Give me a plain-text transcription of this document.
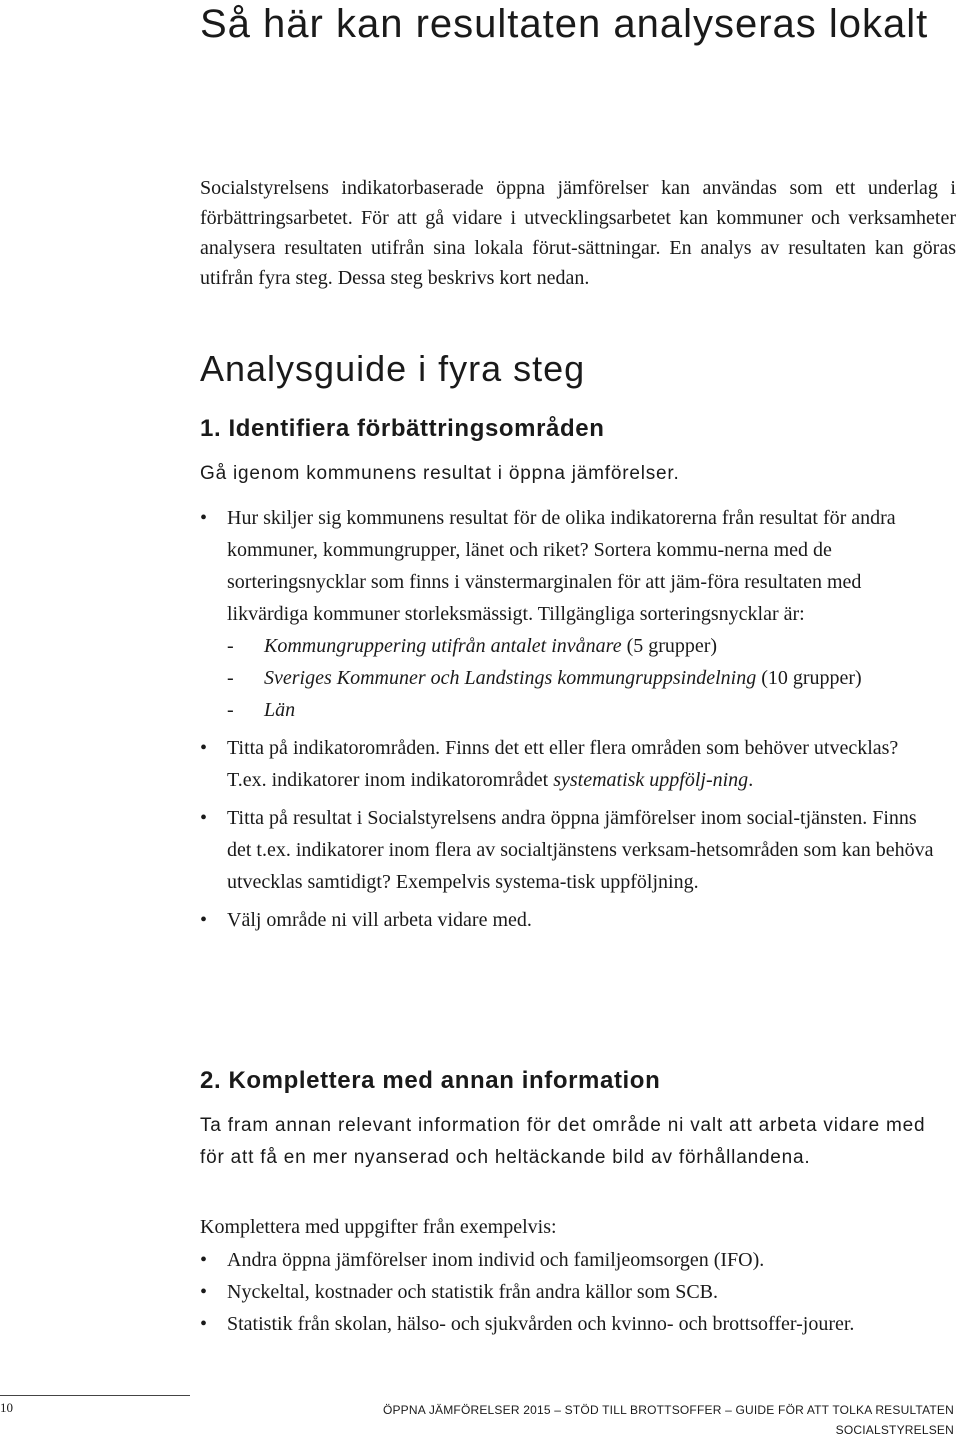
Så här kan resultaten analyseras lokalt

Socialstyrelsens indikatorbaserade öppna jämförelser kan användas som ett underlag i förbättringsarbetet. För att gå vidare i utvecklingsarbetet kan kommuner och verksamheter analysera resultaten utifrån sina lokala förut-sättningar. En analys av resultaten kan göras utifrån fyra steg. Dessa steg beskrivs kort nedan.

Analysguide i fyra steg
1. Identifiera förbättringsområden

Gå igenom kommunens resultat i öppna jämförelser.

• Hur skiljer sig kommunens resultat för de olika indikatorerna från resultat för andra kommuner, kommungrupper, länet och riket? Sortera kommu-nerna med de sorteringsnycklar som finns i vänstermarginalen för att jäm-föra resultaten med likvärdiga kommuner storleksmässigt. Tillgängliga sorteringsnycklar är:
- Kommungruppering utifrån antalet invånare (5 grupper)
- Sveriges Kommuner och Landstings kommungruppsindelning (10 grupper)
- Län
• Titta på indikatorområden. Finns det ett eller flera områden som behöver utvecklas? T.ex. indikatorer inom indikatorområdet systematisk uppfölj-ning.
• Titta på resultat i Socialstyrelsens andra öppna jämförelser inom social-tjänsten. Finns det t.ex. indikatorer inom flera av socialtjänstens verksam-hetsområden som kan behöva utvecklas samtidigt? Exempelvis systema-tisk uppföljning.
• Välj område ni vill arbeta vidare med.
2. Komplettera med annan information

Ta fram annan relevant information för det område ni valt att arbeta vidare med för att få en mer nyanserad och heltäckande bild av förhållandena.

Komplettera med uppgifter från exempelvis:

• Andra öppna jämförelser inom individ och familjeomsorgen (IFO).
• Nyckeltal, kostnader och statistik från andra källor som SCB.
• Statistik från skolan, hälso- och sjukvården och kvinno- och brottsoffer-jourer.
10	ÖPPNA JÄMFÖRELSER 2015 – STÖD TILL BROTTSOFFER – GUIDE FÖR ATT TOLKA RESULTATEN
SOCIALSTYRELSEN
